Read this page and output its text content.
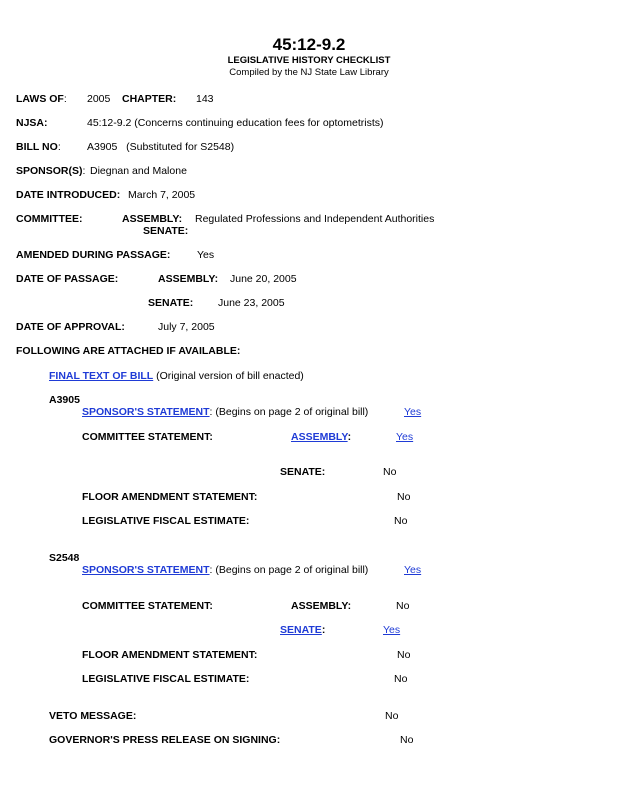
45:12-9.2
LEGISLATIVE HISTORY CHECKLIST
Compiled by the NJ State Law Library
LAWS OF: 2005 CHAPTER: 143
NJSA:	45:12-9.2 (Concerns continuing education fees for optometrists)
BILL NO:	A3905   (Substituted for S2548)
SPONSOR(S): Diegnan and Malone
DATE INTRODUCED: March 7, 2005
COMMITTEE:	ASSEMBLY: Regulated Professions and Independent Authorities
SENATE:
AMENDED DURING PASSAGE:	Yes
DATE OF PASSAGE:	ASSEMBLY: June 20, 2005
SENATE: June 23, 2005
DATE OF APPROVAL:	July 7, 2005
FOLLOWING ARE ATTACHED IF AVAILABLE:
FINAL TEXT OF BILL (Original version of bill enacted)
A3905
SPONSOR'S STATEMENT: (Begins on page 2 of original bill)	Yes
COMMITTEE STATEMENT:	ASSEMBLY:	Yes
SENATE:	No
FLOOR AMENDMENT STATEMENT:	No
LEGISLATIVE FISCAL ESTIMATE:	No
S2548
SPONSOR'S STATEMENT: (Begins on page 2 of original bill)	Yes
COMMITTEE STATEMENT:	ASSEMBLY:	No
SENATE:	Yes
FLOOR AMENDMENT STATEMENT:	No
LEGISLATIVE FISCAL ESTIMATE:	No
VETO MESSAGE:	No
GOVERNOR'S PRESS RELEASE ON SIGNING:	No
